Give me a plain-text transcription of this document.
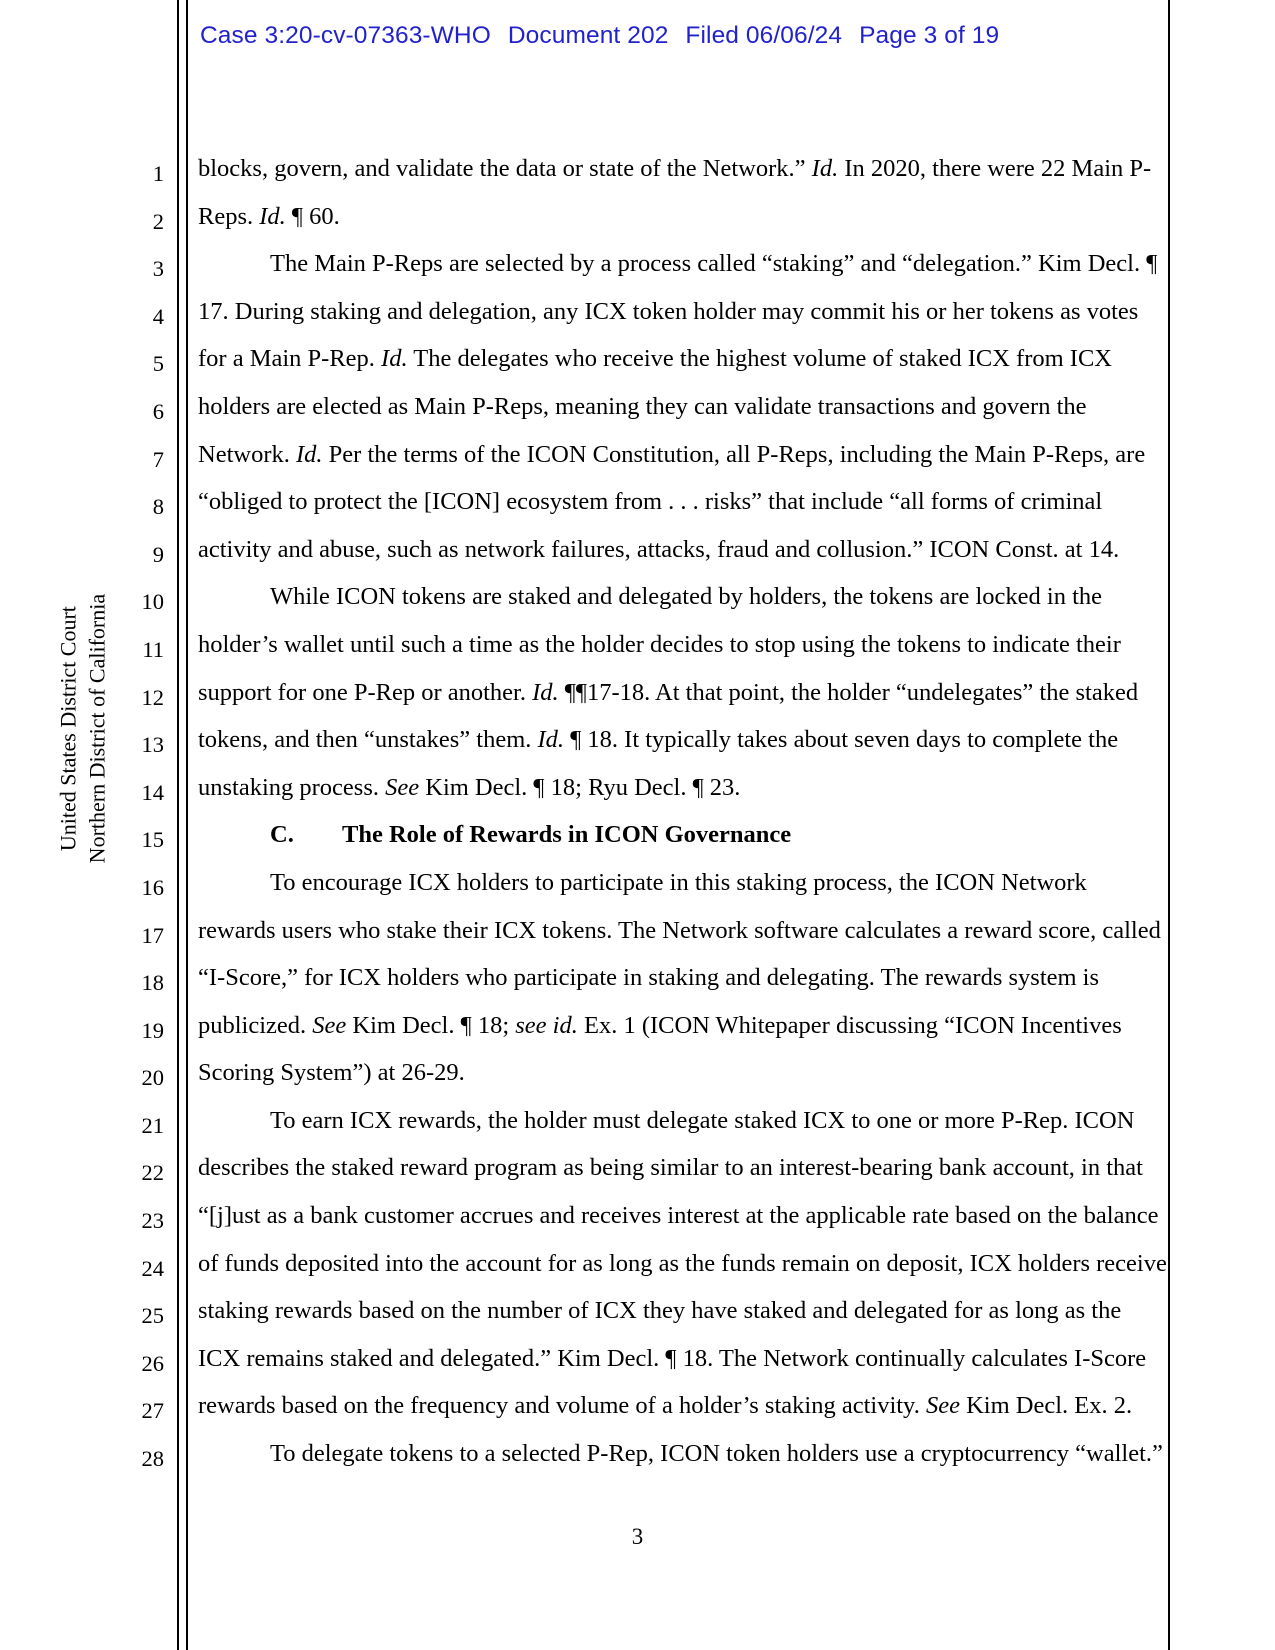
Case 3:20-cv-07363-WHO Document 202 Filed 06/06/24 Page 3 of 19
United States District Court Northern District of California
1 blocks, govern, and validate the data or state of the Network.” Id. In 2020, there were 22 Main P-
2 Reps. Id. ¶ 60.
3	The Main P-Reps are selected by a process called “staking” and “delegation.” Kim Decl. ¶
4 17. During staking and delegation, any ICX token holder may commit his or her tokens as votes
5 for a Main P-Rep. Id. The delegates who receive the highest volume of staked ICX from ICX
6 holders are elected as Main P-Reps, meaning they can validate transactions and govern the
7 Network. Id. Per the terms of the ICON Constitution, all P-Reps, including the Main P-Reps, are
8 “obliged to protect the [ICON] ecosystem from . . . risks” that include “all forms of criminal
9 activity and abuse, such as network failures, attacks, fraud and collusion.” ICON Const. at 14.
10	While ICON tokens are staked and delegated by holders, the tokens are locked in the
11 holder’s wallet until such a time as the holder decides to stop using the tokens to indicate their
12 support for one P-Rep or another. Id. ¶¶17-18. At that point, the holder “undelegates” the staked
13 tokens, and then “unstakes” them. Id. ¶ 18. It typically takes about seven days to complete the
14 unstaking process. See Kim Decl. ¶ 18; Ryu Decl. ¶ 23.
15	C. The Role of Rewards in ICON Governance
16	To encourage ICX holders to participate in this staking process, the ICON Network
17 rewards users who stake their ICX tokens. The Network software calculates a reward score, called
18 “I-Score,” for ICX holders who participate in staking and delegating. The rewards system is
19 publicized. See Kim Decl. ¶ 18; see id. Ex. 1 (ICON Whitepaper discussing “ICON Incentives
20 Scoring System”) at 26-29.
21	To earn ICX rewards, the holder must delegate staked ICX to one or more P-Rep. ICON
22 describes the staked reward program as being similar to an interest-bearing bank account, in that
23 “[j]ust as a bank customer accrues and receives interest at the applicable rate based on the balance
24 of funds deposited into the account for as long as the funds remain on deposit, ICX holders receive
25 staking rewards based on the number of ICX they have staked and delegated for as long as the
26 ICX remains staked and delegated.” Kim Decl. ¶ 18. The Network continually calculates I-Score
27 rewards based on the frequency and volume of a holder’s staking activity. See Kim Decl. Ex. 2.
28	To delegate tokens to a selected P-Rep, ICON token holders use a cryptocurrency “wallet.”
3
